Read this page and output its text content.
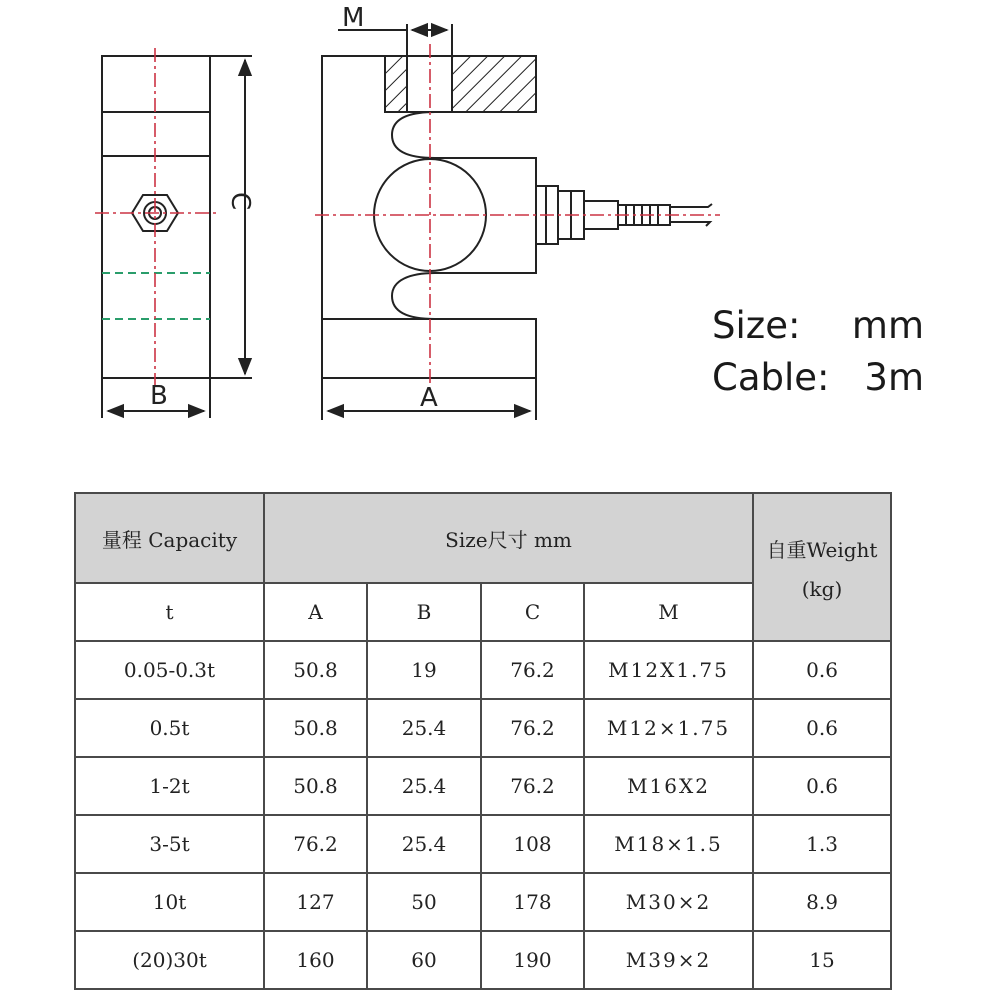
C
B
M
A
Size:	mm
Cable: 3m
量程 Capacity	Size尺寸 mm				自重Weight
(kg)

t	A	B	C	M	
0.05-0.3t	50.8	19	76.2	M12X1.75	0.6
0.5t	50.8	25.4	76.2	M12×1.75	0.6
1-2t	50.8	25.4	76.2	M16X2	0.6
3-5t	76.2	25.4	108	M18×1.5	1.3
10t	127	50	178	M30×2	8.9
(20)30t	160	60	190	M39×2	15
